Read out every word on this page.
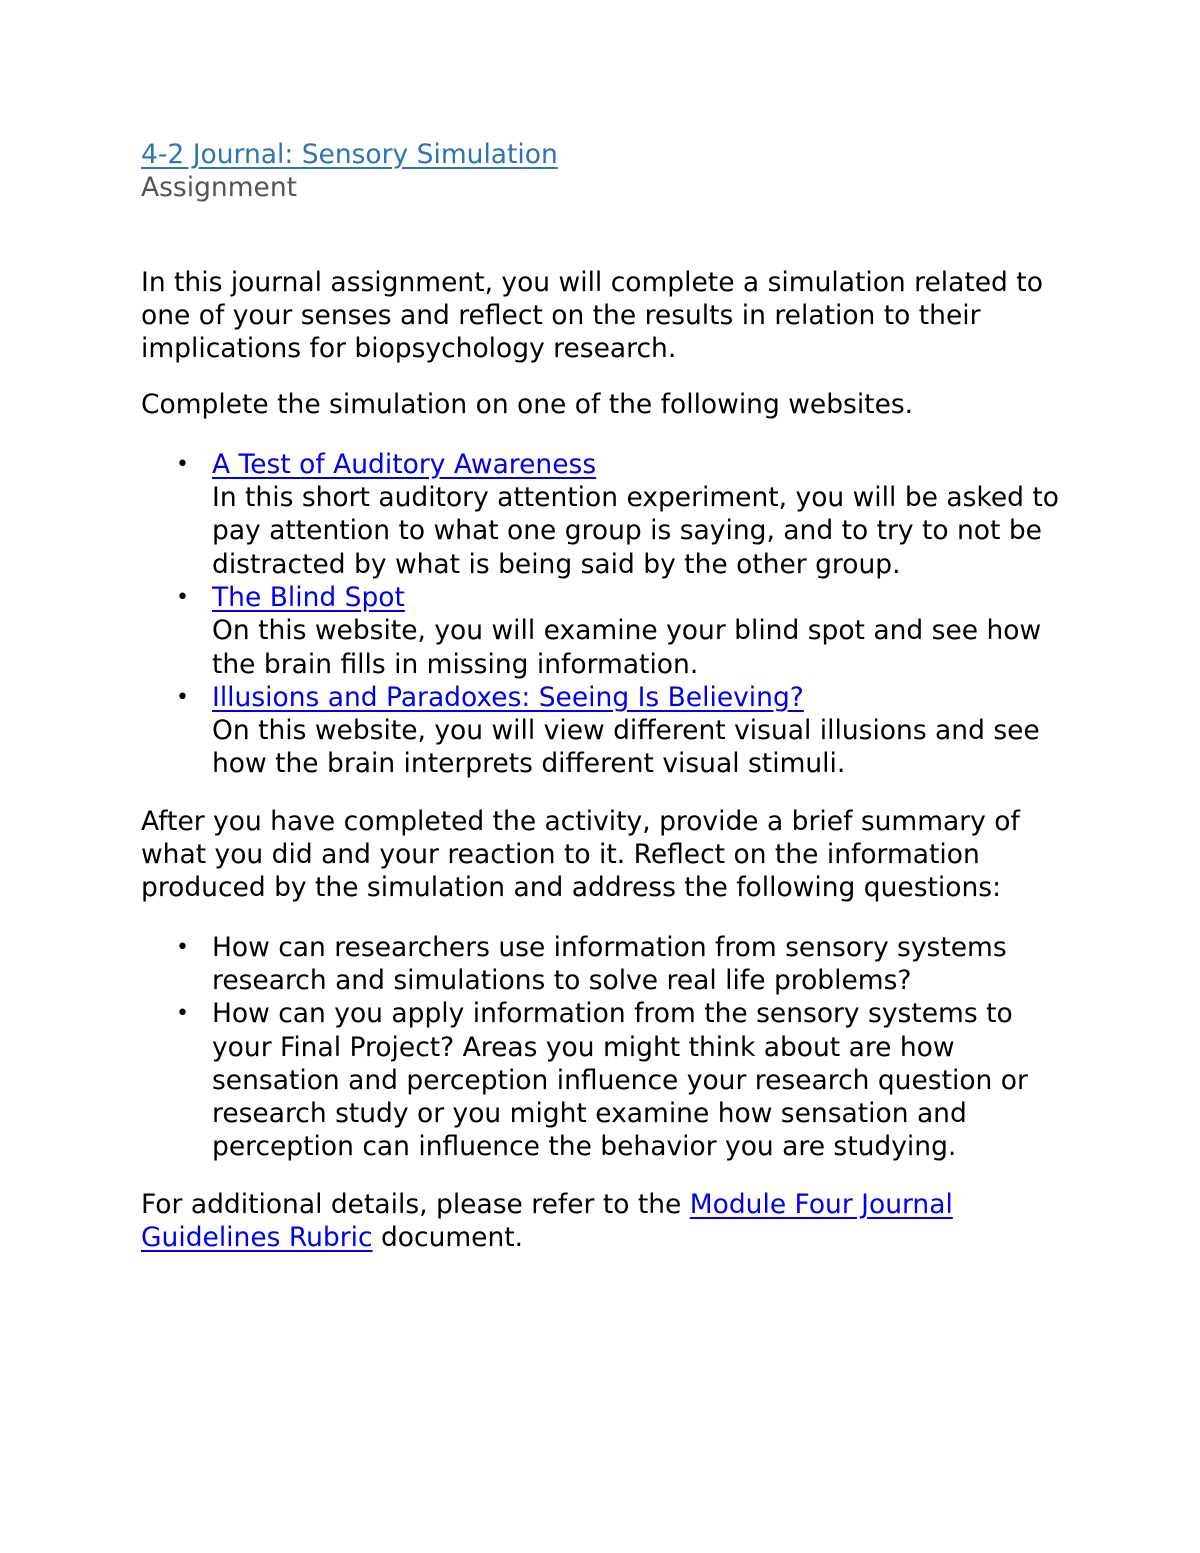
4-2 Journal: Sensory Simulation
Assignment

In this journal assignment, you will complete a simulation related to one of your senses and reflect on the results in relation to their implications for biopsychology research.

Complete the simulation on one of the following websites.

• A Test of Auditory Awareness
In this short auditory attention experiment, you will be asked to pay attention to what one group is saying, and to try to not be distracted by what is being said by the other group.
• The Blind Spot
On this website, you will examine your blind spot and see how the brain fills in missing information.
• Illusions and Paradoxes: Seeing Is Believing?
On this website, you will view different visual illusions and see how the brain interprets different visual stimuli.

After you have completed the activity, provide a brief summary of what you did and your reaction to it. Reflect on the information produced by the simulation and address the following questions:

• How can researchers use information from sensory systems research and simulations to solve real life problems?
• How can you apply information from the sensory systems to your Final Project? Areas you might think about are how sensation and perception influence your research question or research study or you might examine how sensation and perception can influence the behavior you are studying.

For additional details, please refer to the Module Four Journal Guidelines Rubric document.
